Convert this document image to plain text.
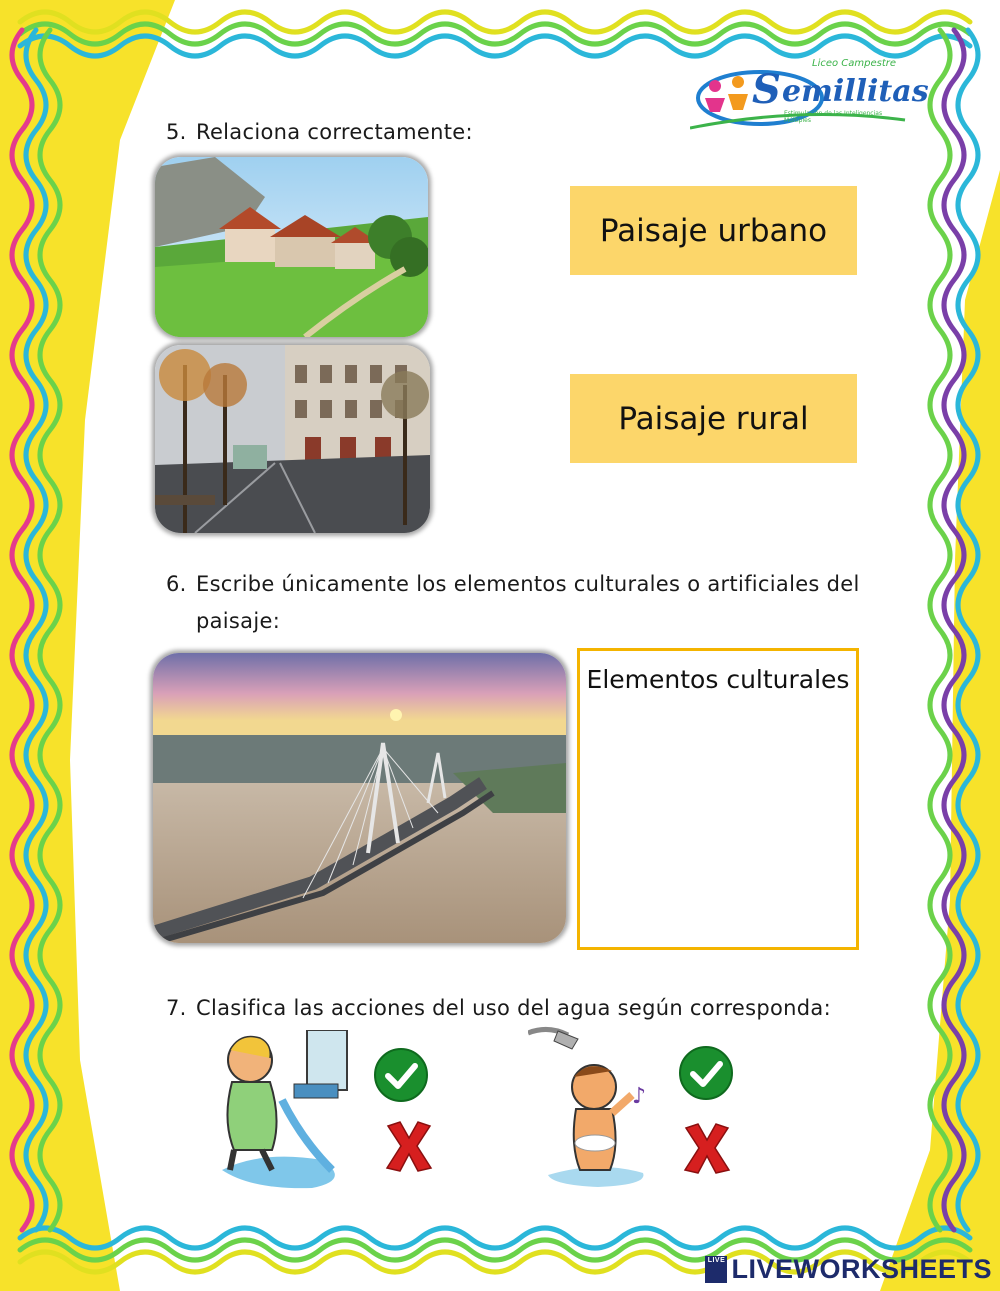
Liceo Campestre
S emillitas
Estimulación de las Inteligencias Múltiples
5. Relaciona correctamente:
Paisaje urbano
Paisaje rural
6. Escribe únicamente los elementos culturales o artificiales del
paisaje:
Elementos culturales
7. Clasifica las acciones del uso del agua según corresponda:
♪
LIVE LIVEWORKSHEETS
